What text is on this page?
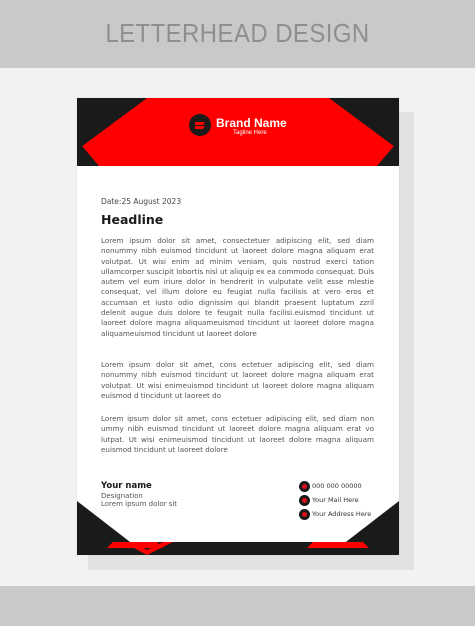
LETTERHEAD DESIGN
Brand Name
Tagline Here
Date:25 August 2023
Headline

Lorem ipsum dolor sit amet, consectetuer adipiscing elit, sed diam nonummy nibh euismod tincidunt ut laoreet dolore magna aliquam erat volutpat. Ut wisi enim ad minim veniam, quis nostrud exerci tation ullamcorper suscipit lobortis nisl ut aliquip ex ea commodo consequat. Duis autem vel eum iriure dolor in hendrerit in vulputate velit esse mlestie consequat, vel illum dolore eu feugiat nulla facilisis at vero eros et accumsan et iusto odio dignissim qui blandit praesent luptatum zzril delenit augue duis dolore te feugait nulla facilisi.euismod tincidunt ut laoreet dolore magna aliquameuismod tincidunt ut laoreet dolore magna aliquameuismod tincidunt ut laoreet dolore

Lorem ipsum dolor sit amet, cons ectetuer adipiscing elit, sed diam nonummy nibh euismod tincidunt ut laoreet dolore magna aliquam erat volutpat. Ut wisi enimeuismod tincidunt ut laoreet dolore magna aliquam euismod d tincidunt ut laoreet do

Lorem ipsum dolor sit amet, cons ectetuer adipiscing elit, sed diam non ummy nibh euismod tincidunt ut laoreet dolore magna aliquam erat vo lutpat. Ut wisi enimeuismod tincidunt ut laoreet dolore magna aliquam euismod tincidunt ut laoreet dolore

Your name
Designation
Lorem ipsum dolor sit
000 000 00000
Your Mail Here
Your Address Here
